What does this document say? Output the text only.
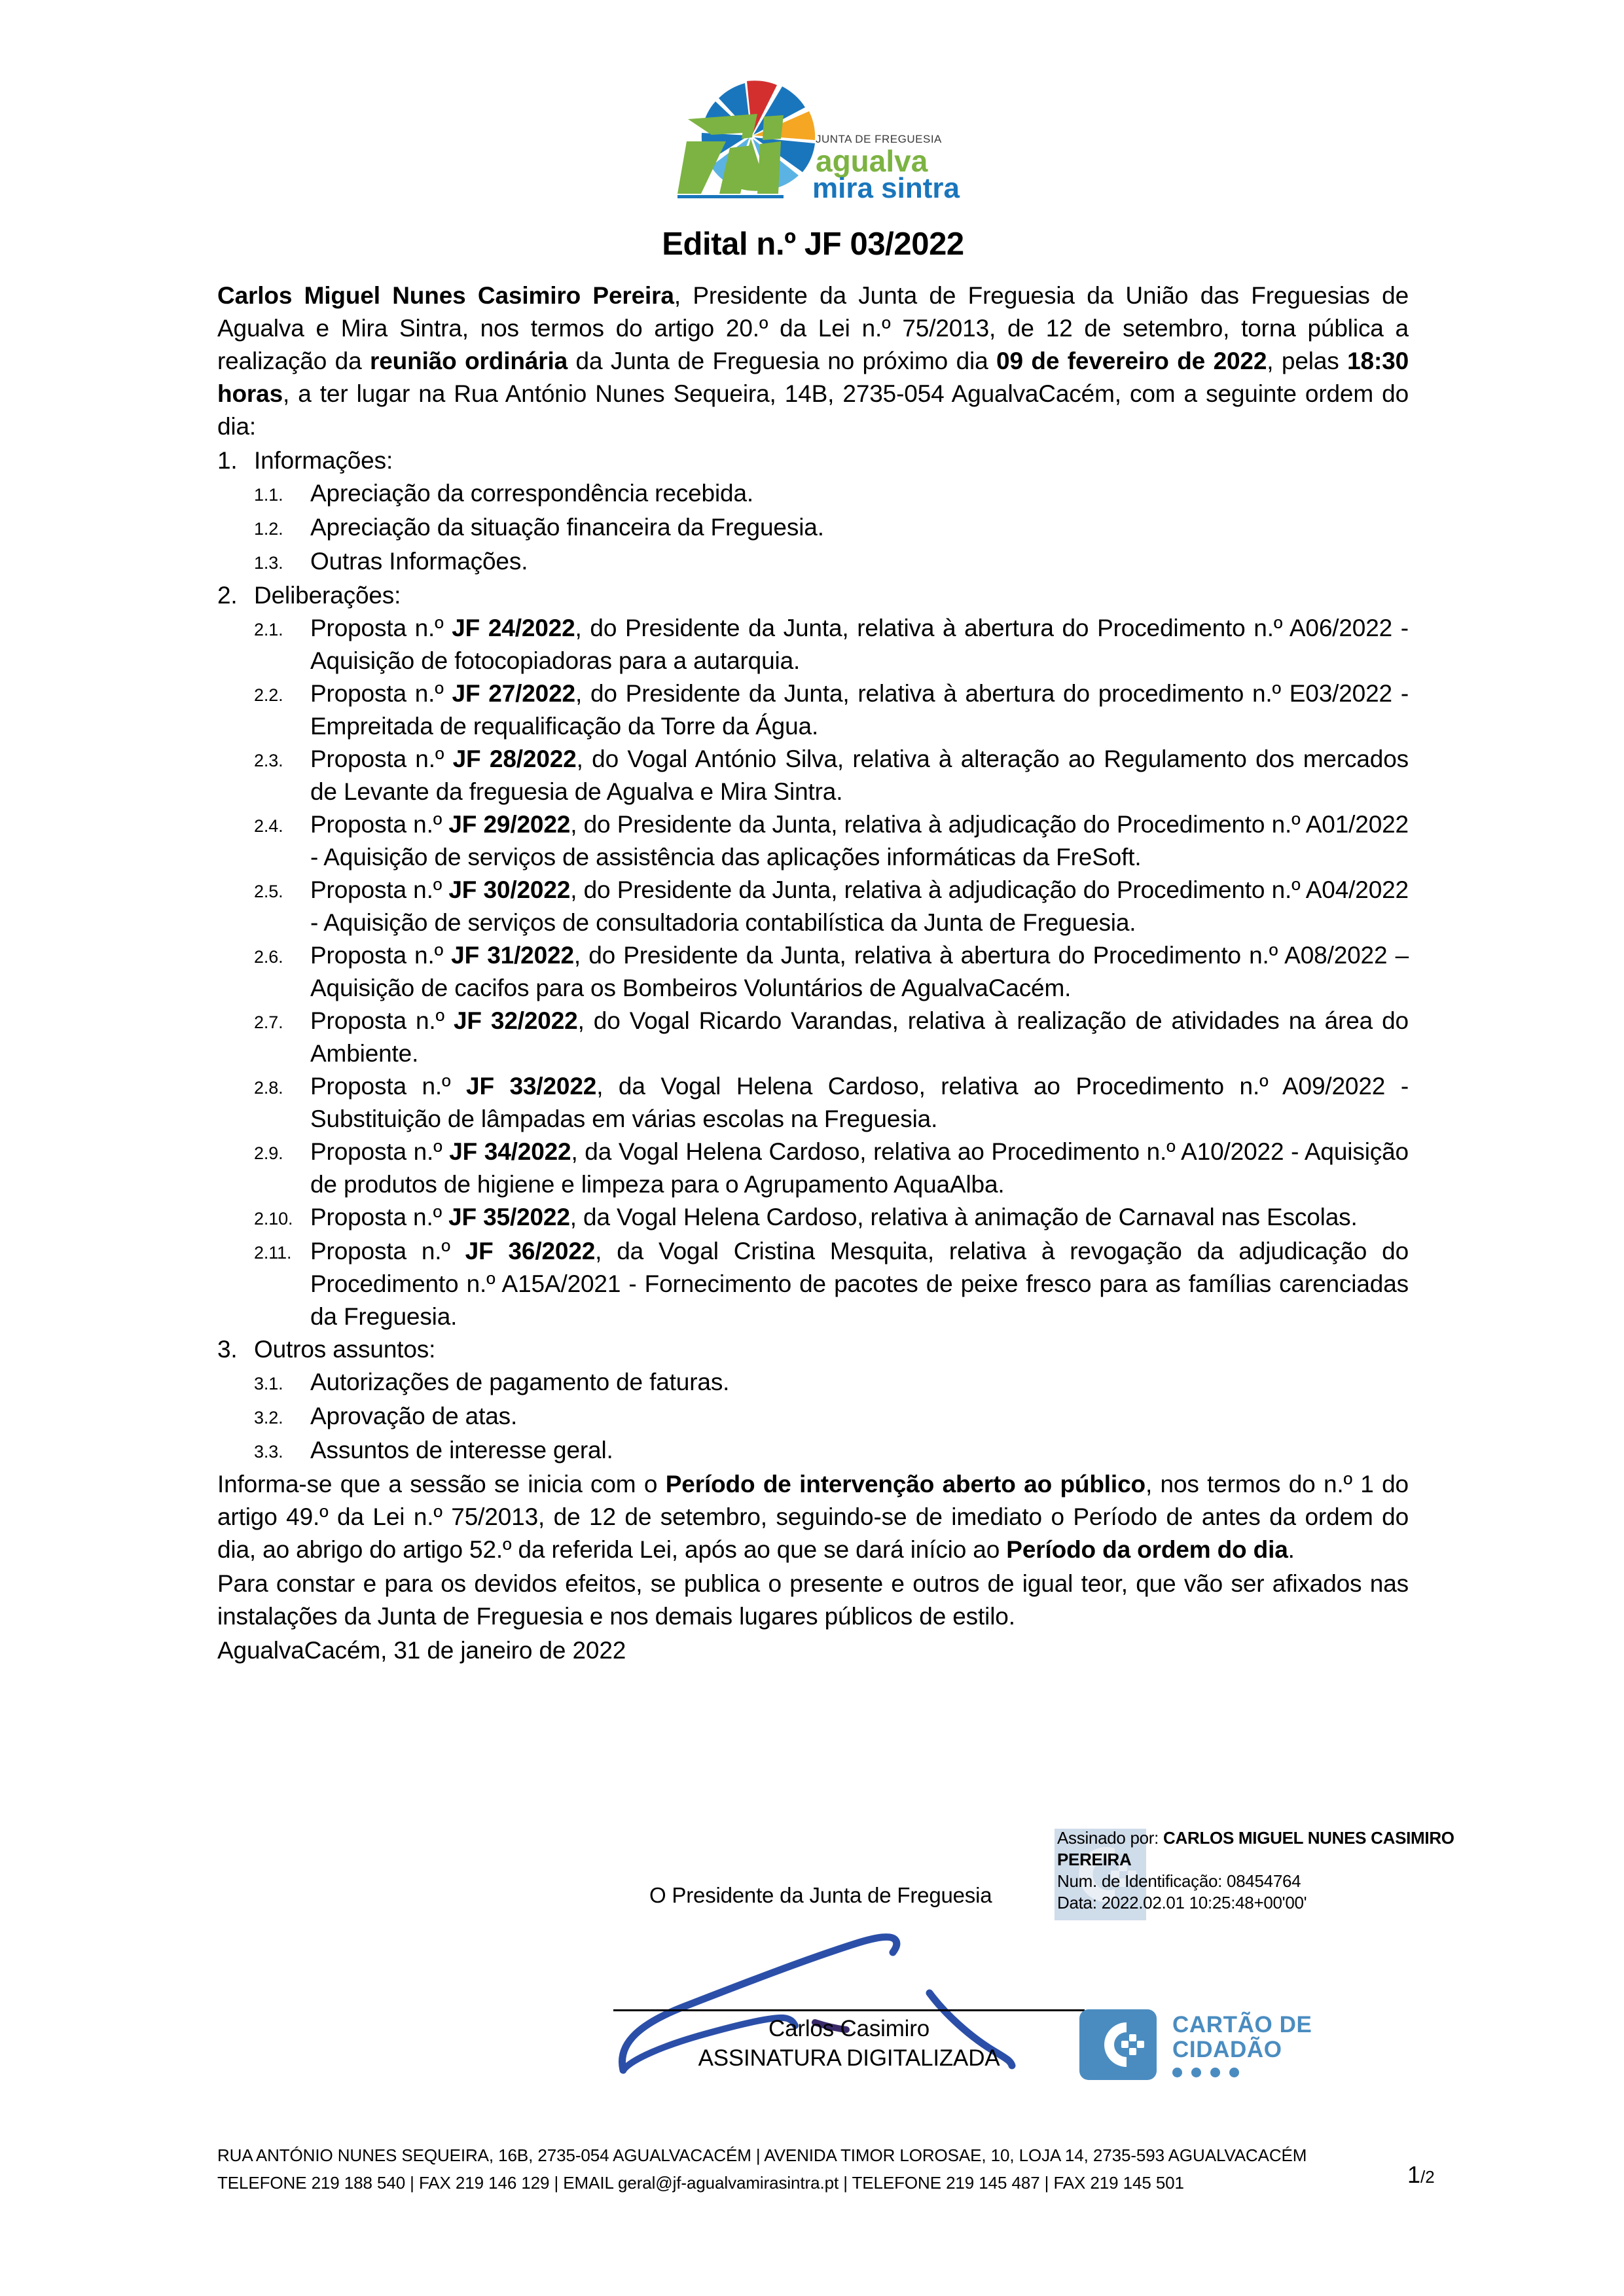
JUNTA DE FREGUESIA
agualva
mira sintra
Edital n.º JF 03/2022

Carlos Miguel Nunes Casimiro Pereira, Presidente da Junta de Freguesia da União das Freguesias de Agualva e Mira Sintra, nos termos do artigo 20.º da Lei n.º 75/2013, de 12 de setembro, torna pública a realização da reunião ordinária da Junta de Freguesia no próximo dia 09 de fevereiro de 2022, pelas 18:30 horas, a ter lugar na Rua António Nunes Sequeira, 14B, 2735-054 AgualvaCacém, com a seguinte ordem do dia:

1. Informações:
1.1.	Apreciação da correspondência recebida.
1.2.	Apreciação da situação financeira da Freguesia.
1.3.	Outras Informações.
2. Deliberações:
2.1.	Proposta n.º JF 24/2022, do Presidente da Junta, relativa à abertura do Procedimento n.º A06/2022 - Aquisição de fotocopiadoras para a autarquia.
2.2.	Proposta n.º JF 27/2022, do Presidente da Junta, relativa à abertura do procedimento n.º E03/2022 - Empreitada de requalificação da Torre da Água.
2.3.	Proposta n.º JF 28/2022, do Vogal António Silva, relativa à alteração ao Regulamento dos mercados de Levante da freguesia de Agualva e Mira Sintra.
2.4.	Proposta n.º JF 29/2022, do Presidente da Junta, relativa à adjudicação do Procedimento n.º A01/2022 - Aquisição de serviços de assistência das aplicações informáticas da FreSoft.
2.5.	Proposta n.º JF 30/2022, do Presidente da Junta, relativa à adjudicação do Procedimento n.º A04/2022 - Aquisição de serviços de consultadoria contabilística da Junta de Freguesia.
2.6.	Proposta n.º JF 31/2022, do Presidente da Junta, relativa à abertura do Procedimento n.º A08/2022 – Aquisição de cacifos para os Bombeiros Voluntários de AgualvaCacém.
2.7.	Proposta n.º JF 32/2022, do Vogal Ricardo Varandas, relativa à realização de atividades na área do Ambiente.
2.8.	Proposta n.º JF 33/2022, da Vogal Helena Cardoso, relativa ao Procedimento n.º A09/2022 - Substituição de lâmpadas em várias escolas na Freguesia.
2.9.	Proposta n.º JF 34/2022, da Vogal Helena Cardoso, relativa ao Procedimento n.º A10/2022 - Aquisição de produtos de higiene e limpeza para o Agrupamento AquaAlba.
2.10. Proposta n.º JF 35/2022, da Vogal Helena Cardoso, relativa à animação de Carnaval nas Escolas.
2.11. Proposta n.º JF 36/2022, da Vogal Cristina Mesquita, relativa à revogação da adjudicação do Procedimento n.º A15A/2021 - Fornecimento de pacotes de peixe fresco para as famílias carenciadas da Freguesia.
3. Outros assuntos:
3.1.	Autorizações de pagamento de faturas.
3.2.	Aprovação de atas.
3.3.	Assuntos de interesse geral.

Informa-se que a sessão se inicia com o Período de intervenção aberto ao público, nos termos do n.º 1 do artigo 49.º da Lei n.º 75/2013, de 12 de setembro, seguindo-se de imediato o Período de antes da ordem do dia, ao abrigo do artigo 52.º da referida Lei, após ao que se dará início ao Período da ordem do dia.

Para constar e para os devidos efeitos, se publica o presente e outros de igual teor, que vão ser afixados nas instalações da Junta de Freguesia e nos demais lugares públicos de estilo.

AgualvaCacém, 31 de janeiro de 2022

O Presidente da Junta de Freguesia
Carlos Casimiro
ASSINATURA DIGITALIZADA
Assinado por: CARLOS MIGUEL NUNES CASIMIRO
PEREIRA
Num. de Identificação: 08454764
Data: 2022.02.01 10:25:48+00'00'
CARTÃO DE CIDADÃO
RUA ANTÓNIO NUNES SEQUEIRA, 16B, 2735-054 AGUALVACACÉM | AVENIDA TIMOR LOROSAE, 10, LOJA 14, 2735-593 AGUALVACACÉM
TELEFONE 219 188 540 | FAX 219 146 129 | EMAIL geral@jf-agualvamirasintra.pt | TELEFONE 219 145 487 | FAX 219 145 501	1/2
